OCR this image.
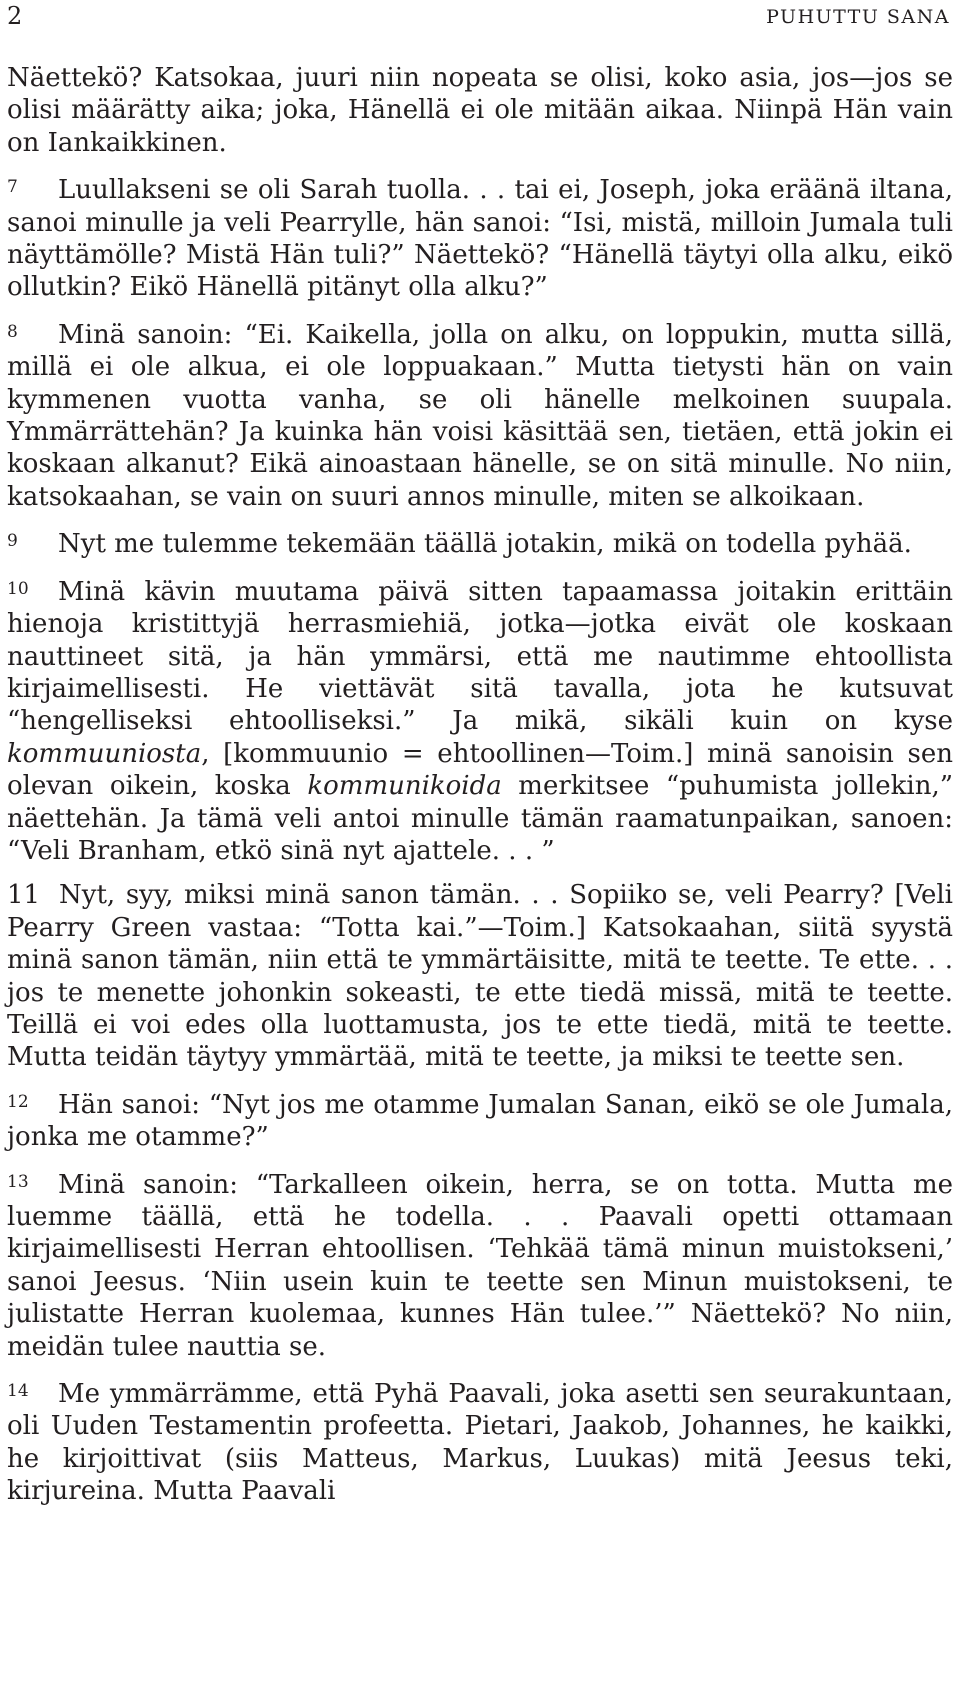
2	PUHUTTU SANA

Näettekö? Katsokaa, juuri niin nopeata se olisi, koko asia, jos—jos se olisi määrätty aika; joka, Hänellä ei ole mitään aikaa. Niinpä Hän vain on Iankaikkinen.

7 Luullakseni se oli Sarah tuolla. . . tai ei, Joseph, joka eräänä iltana, sanoi minulle ja veli Pearrylle, hän sanoi: “Isi, mistä, milloin Jumala tuli näyttämölle? Mistä Hän tuli?” Näettekö? “Hänellä täytyi olla alku, eikö ollutkin? Eikö Hänellä pitänyt olla alku?”

8 Minä sanoin: “Ei. Kaikella, jolla on alku, on loppukin, mutta sillä, millä ei ole alkua, ei ole loppuakaan.” Mutta tietysti hän on vain kymmenen vuotta vanha, se oli hänelle melkoinen suupala. Ymmärrättehän? Ja kuinka hän voisi käsittää sen, tietäen, että jokin ei koskaan alkanut? Eikä ainoastaan hänelle, se on sitä minulle. No niin, katsokaahan, se vain on suuri annos minulle, miten se alkoikaan.

9 Nyt me tulemme tekemään täällä jotakin, mikä on todella pyhää.

10 Minä kävin muutama päivä sitten tapaamassa joitakin erittäin hienoja kristittyjä herrasmiehiä, jotka—jotka eivät ole koskaan nauttineet sitä, ja hän ymmärsi, että me nautimme ehtoollista kirjaimellisesti. He viettävät sitä tavalla, jota he kutsuvat “hengelliseksi ehtoolliseksi.” Ja mikä, sikäli kuin on kyse kommuuniosta, [kommuunio = ehtoollinen—Toim.] minä sanoisin sen olevan oikein, koska kommunikoida merkitsee “puhumista jollekin,” näettehän. Ja tämä veli antoi minulle tämän raamatunpaikan, sanoen: “Veli Branham, etkö sinä nyt ajattele. . . ”

11 Nyt, syy, miksi minä sanon tämän. . . Sopiiko se, veli Pearry? [Veli Pearry Green vastaa: “Totta kai.”—Toim.] Katsokaahan, siitä syystä minä sanon tämän, niin että te ymmärtäisitte, mitä te teette. Te ette. . . jos te menette johonkin sokeasti, te ette tiedä missä, mitä te teette. Teillä ei voi edes olla luottamusta, jos te ette tiedä, mitä te teette. Mutta teidän täytyy ymmärtää, mitä te teette, ja miksi te teette sen.

12 Hän sanoi: “Nyt jos me otamme Jumalan Sanan, eikö se ole Jumala, jonka me otamme?”

13 Minä sanoin: “Tarkalleen oikein, herra, se on totta. Mutta me luemme täällä, että he todella. . . Paavali opetti ottamaan kirjaimellisesti Herran ehtoollisen. ‘Tehkää tämä minun muistokseni,’ sanoi Jeesus. ‘Niin usein kuin te teette sen Minun muistokseni, te julistatte Herran kuolemaa, kunnes Hän tulee.’” Näettekö? No niin, meidän tulee nauttia se.

14 Me ymmärrämme, että Pyhä Paavali, joka asetti sen seurakuntaan, oli Uuden Testamentin profeetta. Pietari, Jaakob, Johannes, he kaikki, he kirjoittivat (siis Matteus, Markus, Luukas) mitä Jeesus teki, kirjureina. Mutta Paavali
